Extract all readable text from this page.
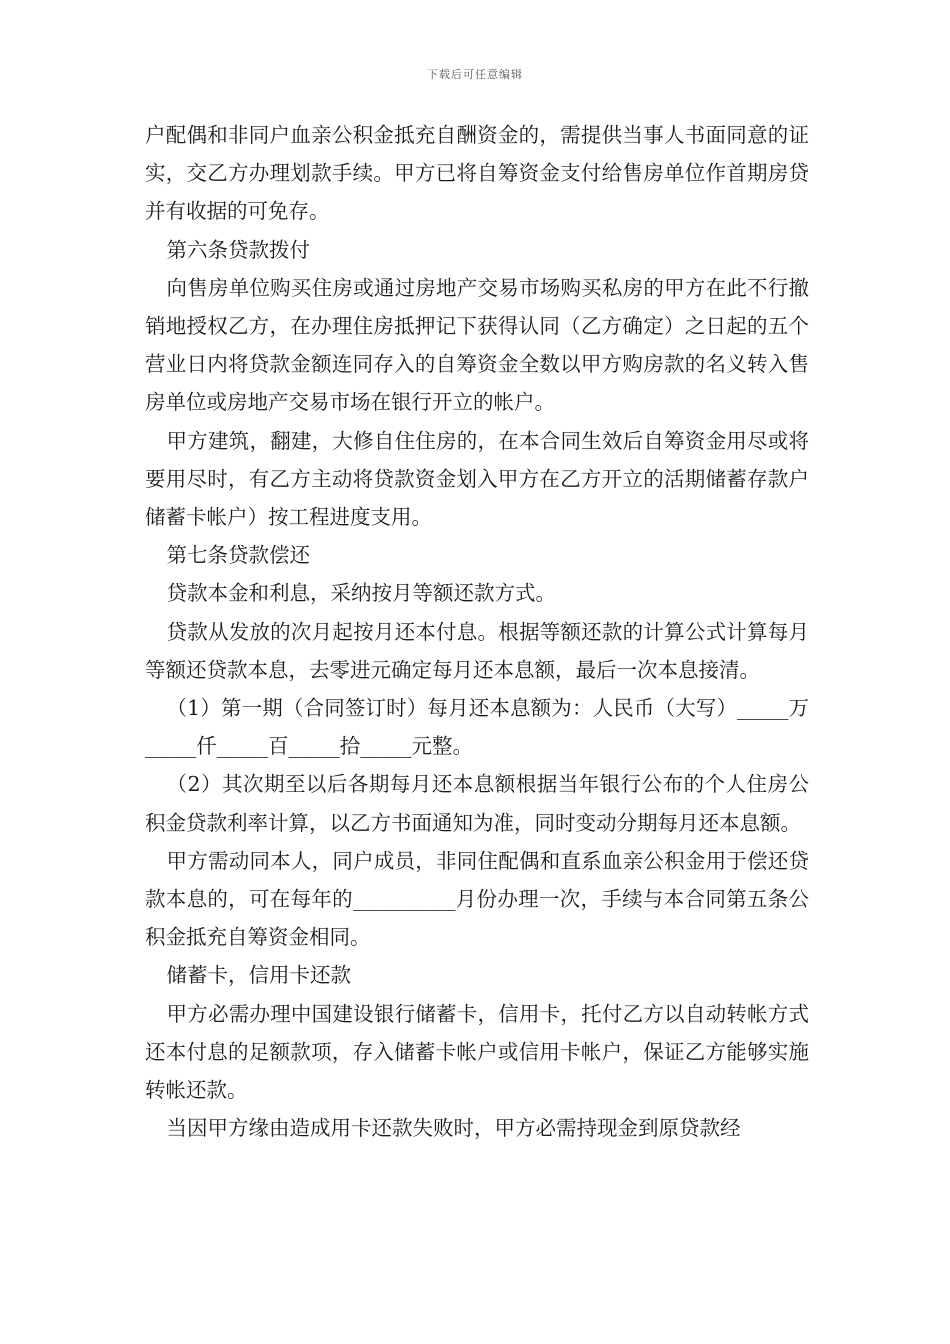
下载后可任意编辑

户配偶和非同户血亲公积金抵充自酬资金的，需提供当事人书面同意的证实，交乙方办理划款手续。甲方已将自筹资金支付给售房单位作首期房贷并有收据的可免存。

第六条贷款拨付

向售房单位购买住房或通过房地产交易市场购买私房的甲方在此不行撤销地授权乙方，在办理住房抵押记下获得认同（乙方确定）之日起的五个营业日内将贷款金额连同存入的自筹资金全数以甲方购房款的名义转入售房单位或房地产交易市场在银行开立的帐户。

甲方建筑，翻建，大修自住住房的，在本合同生效后自筹资金用尽或将要用尽时，有乙方主动将贷款资金划入甲方在乙方开立的活期储蓄存款户储蓄卡帐户）按工程进度支用。

第七条贷款偿还

贷款本金和利息，采纳按月等额还款方式。

贷款从发放的次月起按月还本付息。根据等额还款的计算公式计算每月等额还贷款本息，去零进元确定每月还本息额，最后一次本息接清。

（1）第一期（合同签订时）每月还本息额为：人民币（大写）_____万_____仟_____百_____拾_____元整。

（2）其次期至以后各期每月还本息额根据当年银行公布的个人住房公积金贷款利率计算，以乙方书面通知为准，同时变动分期每月还本息额。

甲方需动同本人，同户成员，非同住配偶和直系血亲公积金用于偿还贷款本息的，可在每年的__________月份办理一次，手续与本合同第五条公积金抵充自筹资金相同。

储蓄卡，信用卡还款

甲方必需办理中国建设银行储蓄卡，信用卡，托付乙方以自动转帐方式还本付息的足额款项，存入储蓄卡帐户或信用卡帐户，保证乙方能够实施转帐还款。

当因甲方缘由造成用卡还款失败时，甲方必需持现金到原贷款经
